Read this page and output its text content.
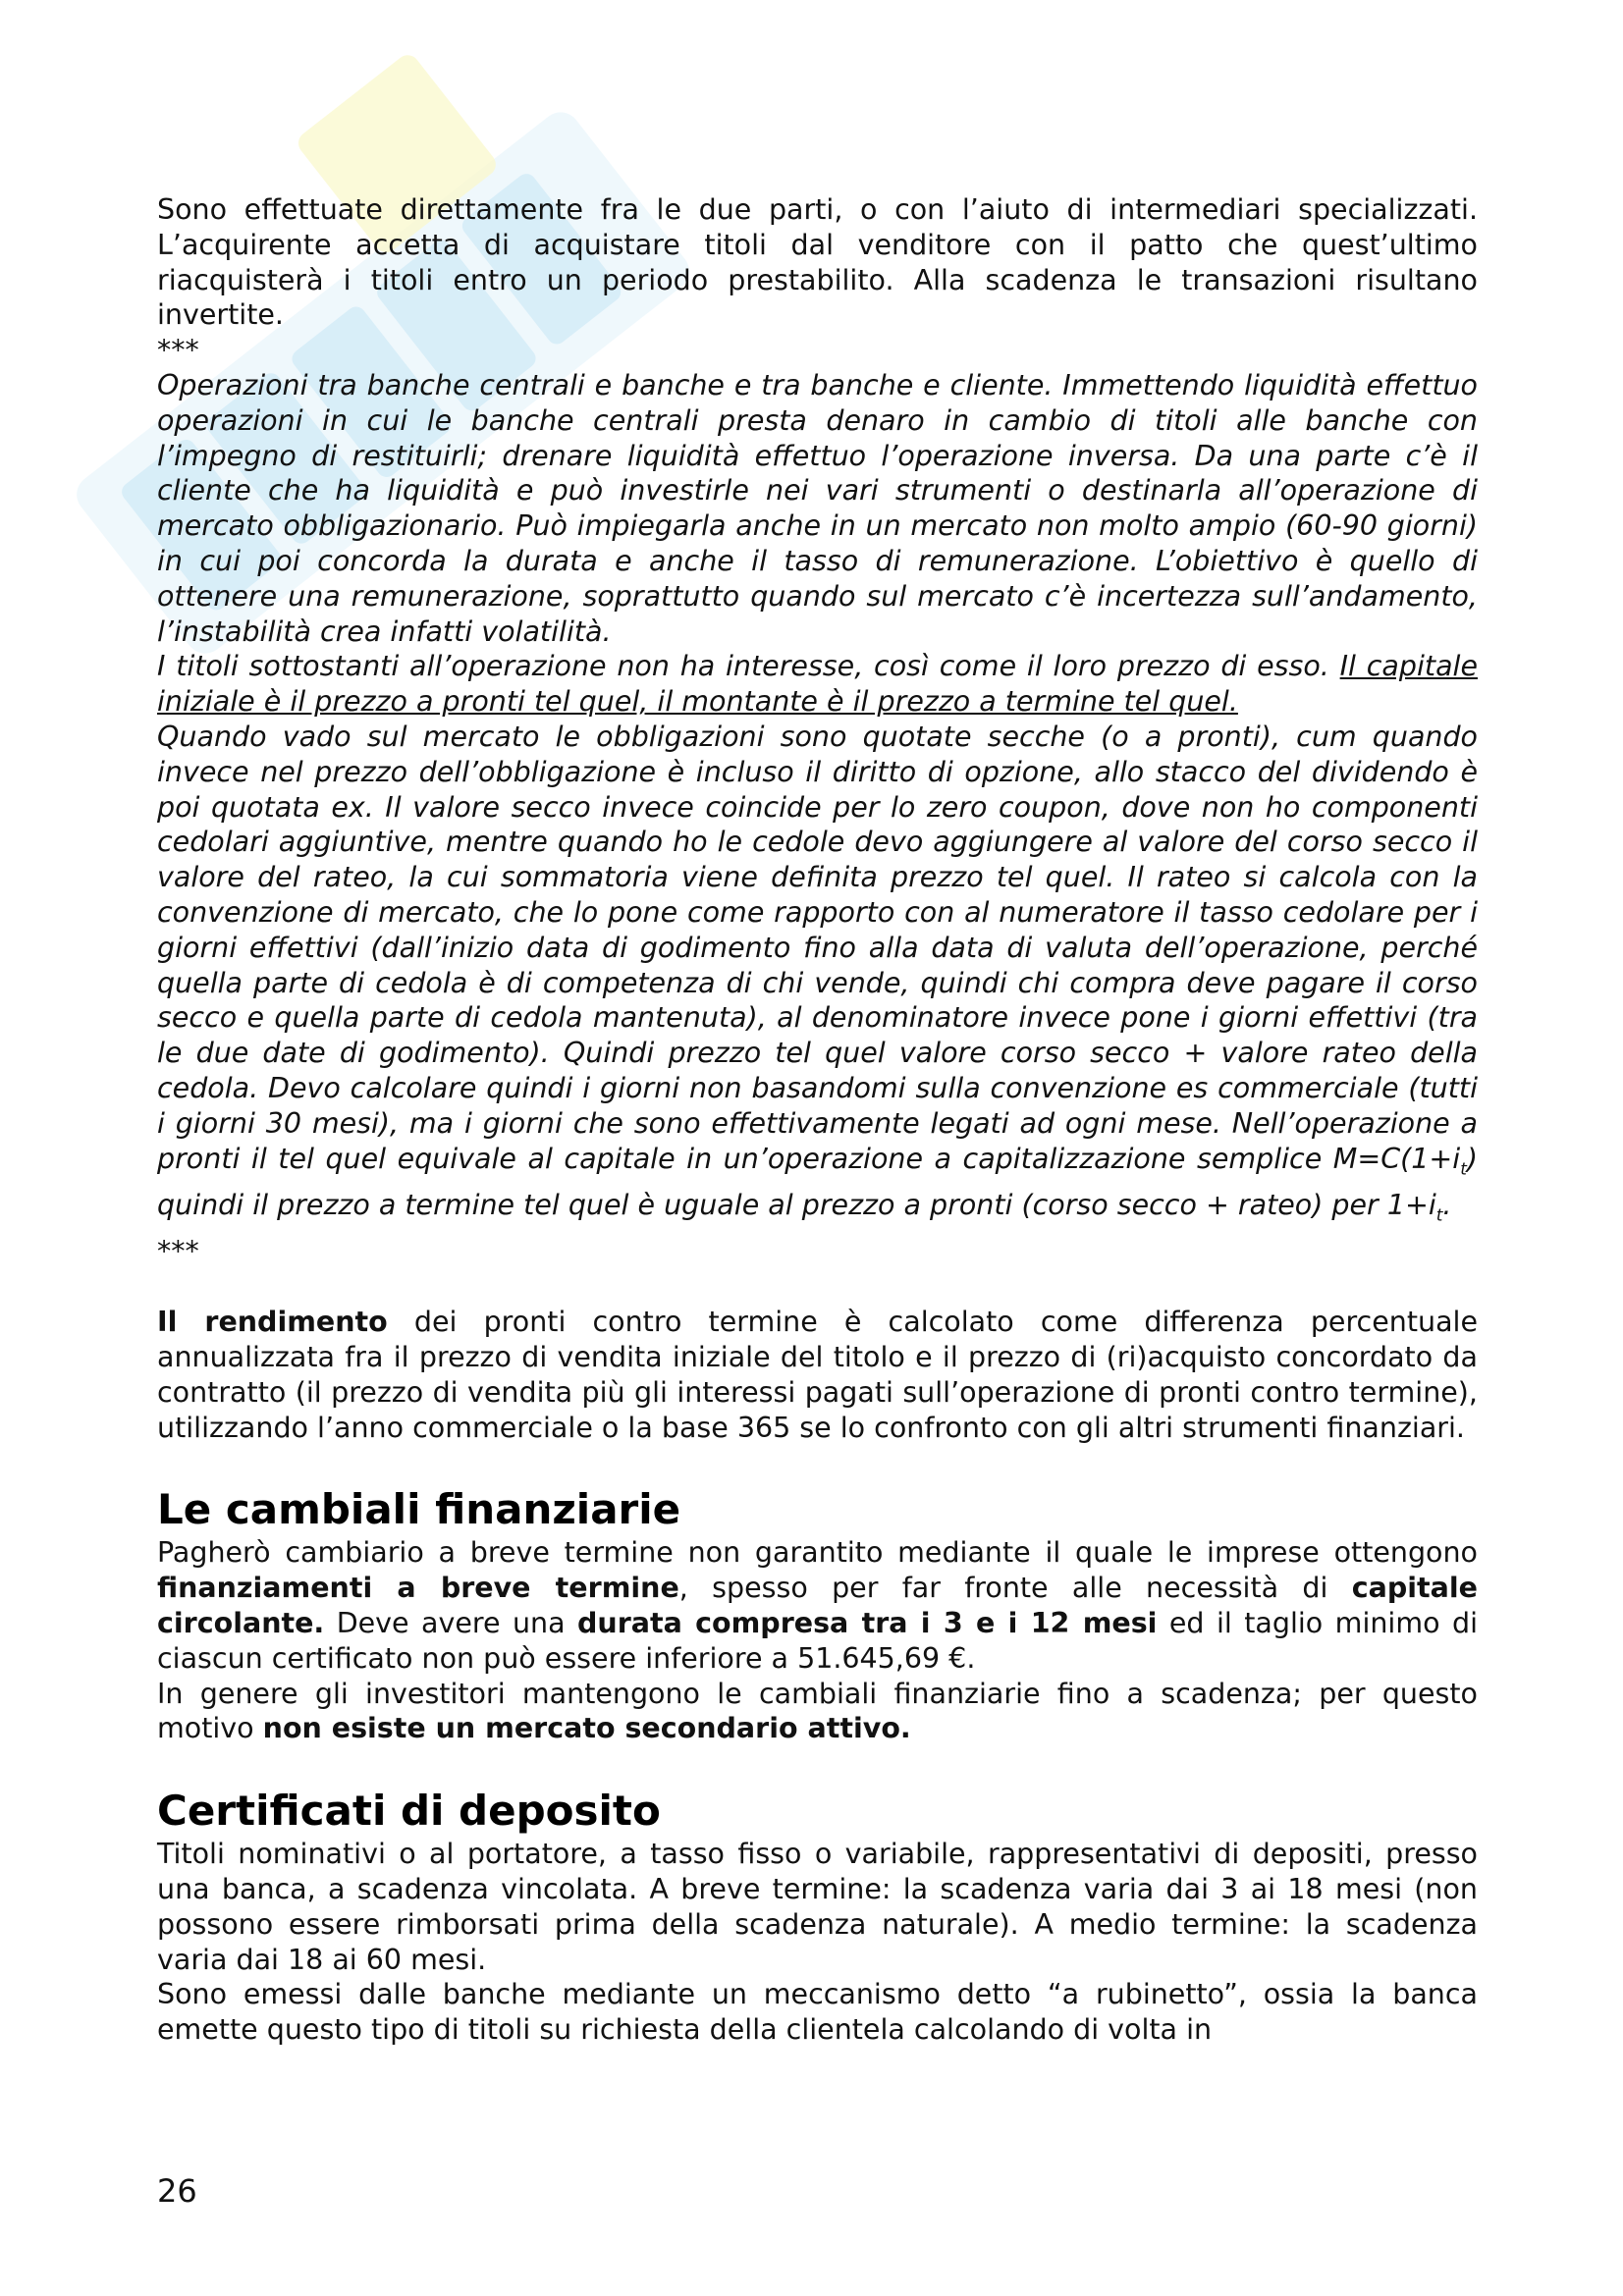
Sono effettuate direttamente fra le due parti, o con l’aiuto di intermediari specializzati. L’acquirente accetta di acquistare titoli dal venditore con il patto che quest’ultimo riacquisterà i titoli entro un periodo prestabilito. Alla scadenza le transazioni risultano invertite.

***

Operazioni tra banche centrali e banche e tra banche e cliente. Immettendo liquidità effettuo operazioni in cui le banche centrali presta denaro in cambio di titoli alle banche con l’impegno di restituirli; drenare liquidità effettuo l’operazione inversa. Da una parte c’è il cliente che ha liquidità e può investirle nei vari strumenti o destinarla all’operazione di mercato obbligazionario. Può impiegarla anche in un mercato non molto ampio (60-90 giorni) in cui poi concorda la durata e anche il tasso di remunerazione. L’obiettivo è quello di ottenere una remunerazione, soprattutto quando sul mercato c’è incertezza sull’andamento, l’instabilità crea infatti volatilità.

I titoli sottostanti all’operazione non ha interesse, così come il loro prezzo di esso. Il capitale iniziale è il prezzo a pronti tel quel, il montante è il prezzo a termine tel quel.

Quando vado sul mercato le obbligazioni sono quotate secche (o a pronti), cum quando invece nel prezzo dell’obbligazione è incluso il diritto di opzione, allo stacco del dividendo è poi quotata ex. Il valore secco invece coincide per lo zero coupon, dove non ho componenti cedolari aggiuntive, mentre quando ho le cedole devo aggiungere al valore del corso secco il valore del rateo, la cui sommatoria viene definita prezzo tel quel. Il rateo si calcola con la convenzione di mercato, che lo pone come rapporto con al numeratore il tasso cedolare per i giorni effettivi (dall’inizio data di godimento fino alla data di valuta dell’operazione, perché quella parte di cedola è di competenza di chi vende, quindi chi compra deve pagare il corso secco e quella parte di cedola mantenuta), al denominatore invece pone i giorni effettivi (tra le due date di godimento). Quindi prezzo tel quel valore corso secco + valore rateo della cedola. Devo calcolare quindi i giorni non basandomi sulla convenzione es commerciale (tutti i giorni 30 mesi), ma i giorni che sono effettivamente legati ad ogni mese. Nell’operazione a pronti il tel quel equivale al capitale in un’operazione a capitalizzazione semplice $M=C(1+i_t)$ quindi il prezzo a termine tel quel è uguale al prezzo a pronti (corso secco + rateo) per $1+i_t$.

***

Il rendimento dei pronti contro termine è calcolato come differenza percentuale annualizzata fra il prezzo di vendita iniziale del titolo e il prezzo di (ri)acquisto concordato da contratto (il prezzo di vendita più gli interessi pagati sull’operazione di pronti contro termine), utilizzando l’anno commerciale o la base 365 se lo confronto con gli altri strumenti finanziari.

Le cambiali finanziarie

Pagherò cambiario a breve termine non garantito mediante il quale le imprese ottengono finanziamenti a breve termine, spesso per far fronte alle necessità di capitale circolante. Deve avere una durata compresa tra i 3 e i 12 mesi ed il taglio minimo di ciascun certificato non può essere inferiore a 51.645,69 €.

In genere gli investitori mantengono le cambiali finanziarie fino a scadenza; per questo motivo non esiste un mercato secondario attivo.

Certificati di deposito

Titoli nominativi o al portatore, a tasso fisso o variabile, rappresentativi di depositi, presso una banca, a scadenza vincolata. A breve termine: la scadenza varia dai 3 ai 18 mesi (non possono essere rimborsati prima della scadenza naturale). A medio termine: la scadenza varia dai 18 ai 60 mesi.

Sono emessi dalle banche mediante un meccanismo detto “a rubinetto”, ossia la banca emette questo tipo di titoli su richiesta della clientela calcolando di volta in

26
